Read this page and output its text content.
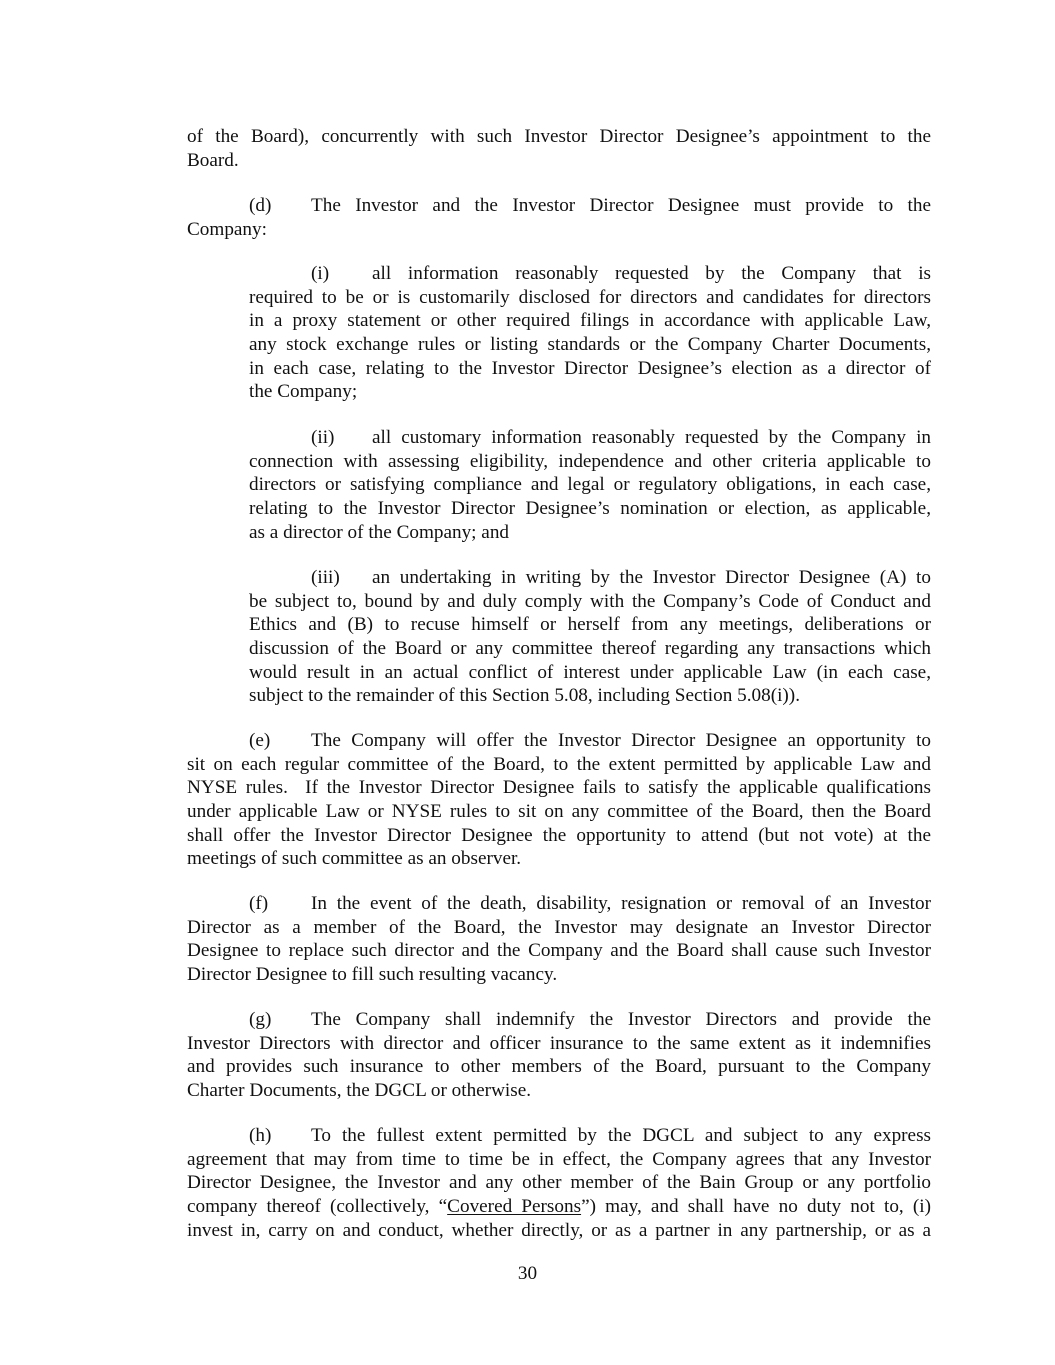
of the Board), concurrently with such Investor Director Designee’s appointment to the
Board.
(d)	The Investor and the Investor Director Designee must provide to the
Company:
(i)	all information reasonably requested by the Company that is
required to be or is customarily disclosed for directors and candidates for directors
in a proxy statement or other required filings in accordance with applicable Law,
any stock exchange rules or listing standards or the Company Charter Documents,
in each case, relating to the Investor Director Designee’s election as a director of
the Company;
(ii)	all customary information reasonably requested by the Company in
connection with assessing eligibility, independence and other criteria applicable to
directors or satisfying compliance and legal or regulatory obligations, in each case,
relating to the Investor Director Designee’s nomination or election, as applicable,
as a director of the Company; and
(iii)	an undertaking in writing by the Investor Director Designee (A) to
be subject to, bound by and duly comply with the Company’s Code of Conduct and
Ethics and (B) to recuse himself or herself from any meetings, deliberations or
discussion of the Board or any committee thereof regarding any transactions which
would result in an actual conflict of interest under applicable Law (in each case,
subject to the remainder of this Section 5.08, including Section 5.08(i)).
(e)	The Company will offer the Investor Director Designee an opportunity to
sit on each regular committee of the Board, to the extent permitted by applicable Law and
NYSE rules.  If the Investor Director Designee fails to satisfy the applicable qualifications
under applicable Law or NYSE rules to sit on any committee of the Board, then the Board
shall offer the Investor Director Designee the opportunity to attend (but not vote) at the
meetings of such committee as an observer.
(f)	In the event of the death, disability, resignation or removal of an Investor
Director as a member of the Board, the Investor may designate an Investor Director
Designee to replace such director and the Company and the Board shall cause such Investor
Director Designee to fill such resulting vacancy.
(g)	The Company shall indemnify the Investor Directors and provide the
Investor Directors with director and officer insurance to the same extent as it indemnifies
and provides such insurance to other members of the Board, pursuant to the Company
Charter Documents, the DGCL or otherwise.
(h)	To the fullest extent permitted by the DGCL and subject to any express
agreement that may from time to time be in effect, the Company agrees that any Investor
Director Designee, the Investor and any other member of the Bain Group or any portfolio
company thereof (collectively, “Covered Persons”) may, and shall have no duty not to, (i)
invest in, carry on and conduct, whether directly, or as a partner in any partnership, or as a
30
